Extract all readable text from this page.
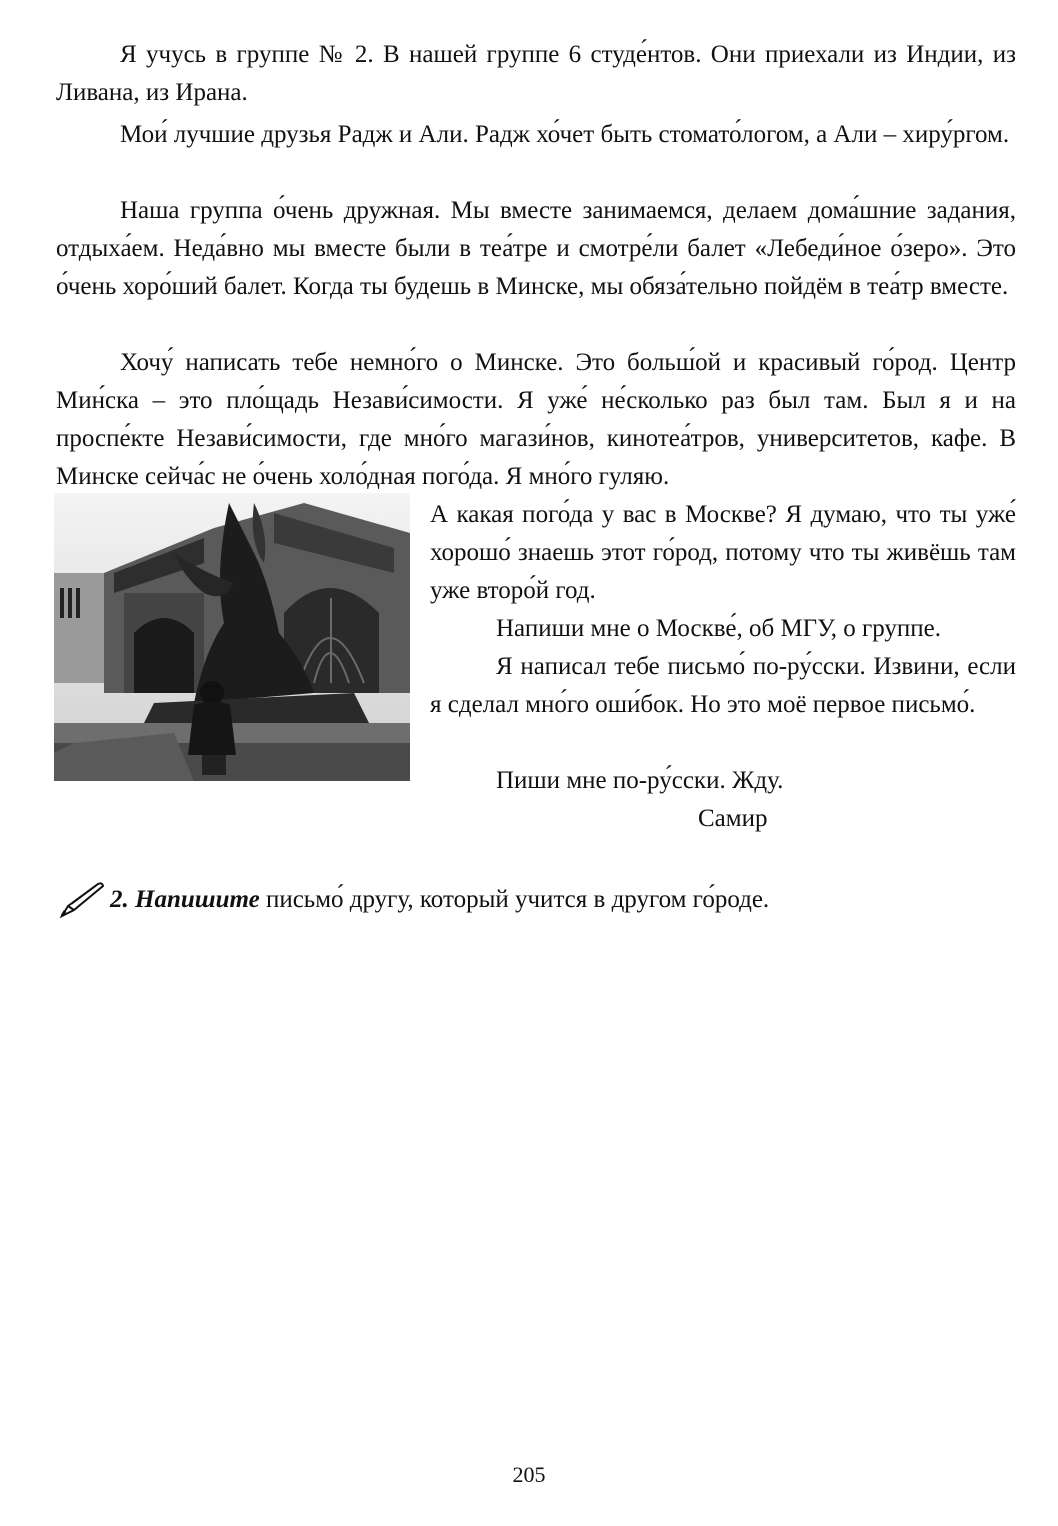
Я учусь в группе № 2. В нашей группе 6 студе́нтов. Они приехали из Индии, из Ливана, из Ирана.

Мои́ лучшие друзья Радж и Али. Радж хо́чет быть стомато́логом, а Али – хиру́ргом.

Наша группа о́чень дружная. Мы вместе занимаемся, делаем дома́шние задания, отдыха́ем. Неда́вно мы вместе были в теа́тре и смотре́ли балет «Лебеди́ное о́зеро». Это о́чень хоро́ший балет. Когда ты будешь в Минске, мы обяза́тельно пойдём в теа́тр вместе.

Хочу́ написать тебе немно́го о Минске. Это больш́ой и красивый го́род. Центр Мин́ска – это пло́щадь Незави́симости. Я уже́ не́сколько раз был там. Был я и на проспе́кте Незави́симости, где мно́го магази́нов, кинотеа́тров, университетов, кафе. В Минске сейча́с не о́чень холо́дная пого́да. Я мно́го гуляю.

А какая пого́да у вас в Москве? Я думаю, что ты уже́ хорошо́ знаешь этот го́род, потому что ты живёшь там уже второ́й год.

Напиши мне о Москве́, об МГУ, о группе.

Я написал тебе письмо́ по-ру́сски. Извини, если я сделал мно́го оши́бок. Но это моё первое письмо́.

Пиши мне по-ру́сски. Жду.
Самир
2. Напишите письмо́ другу, который учится в другом го́роде.
205
